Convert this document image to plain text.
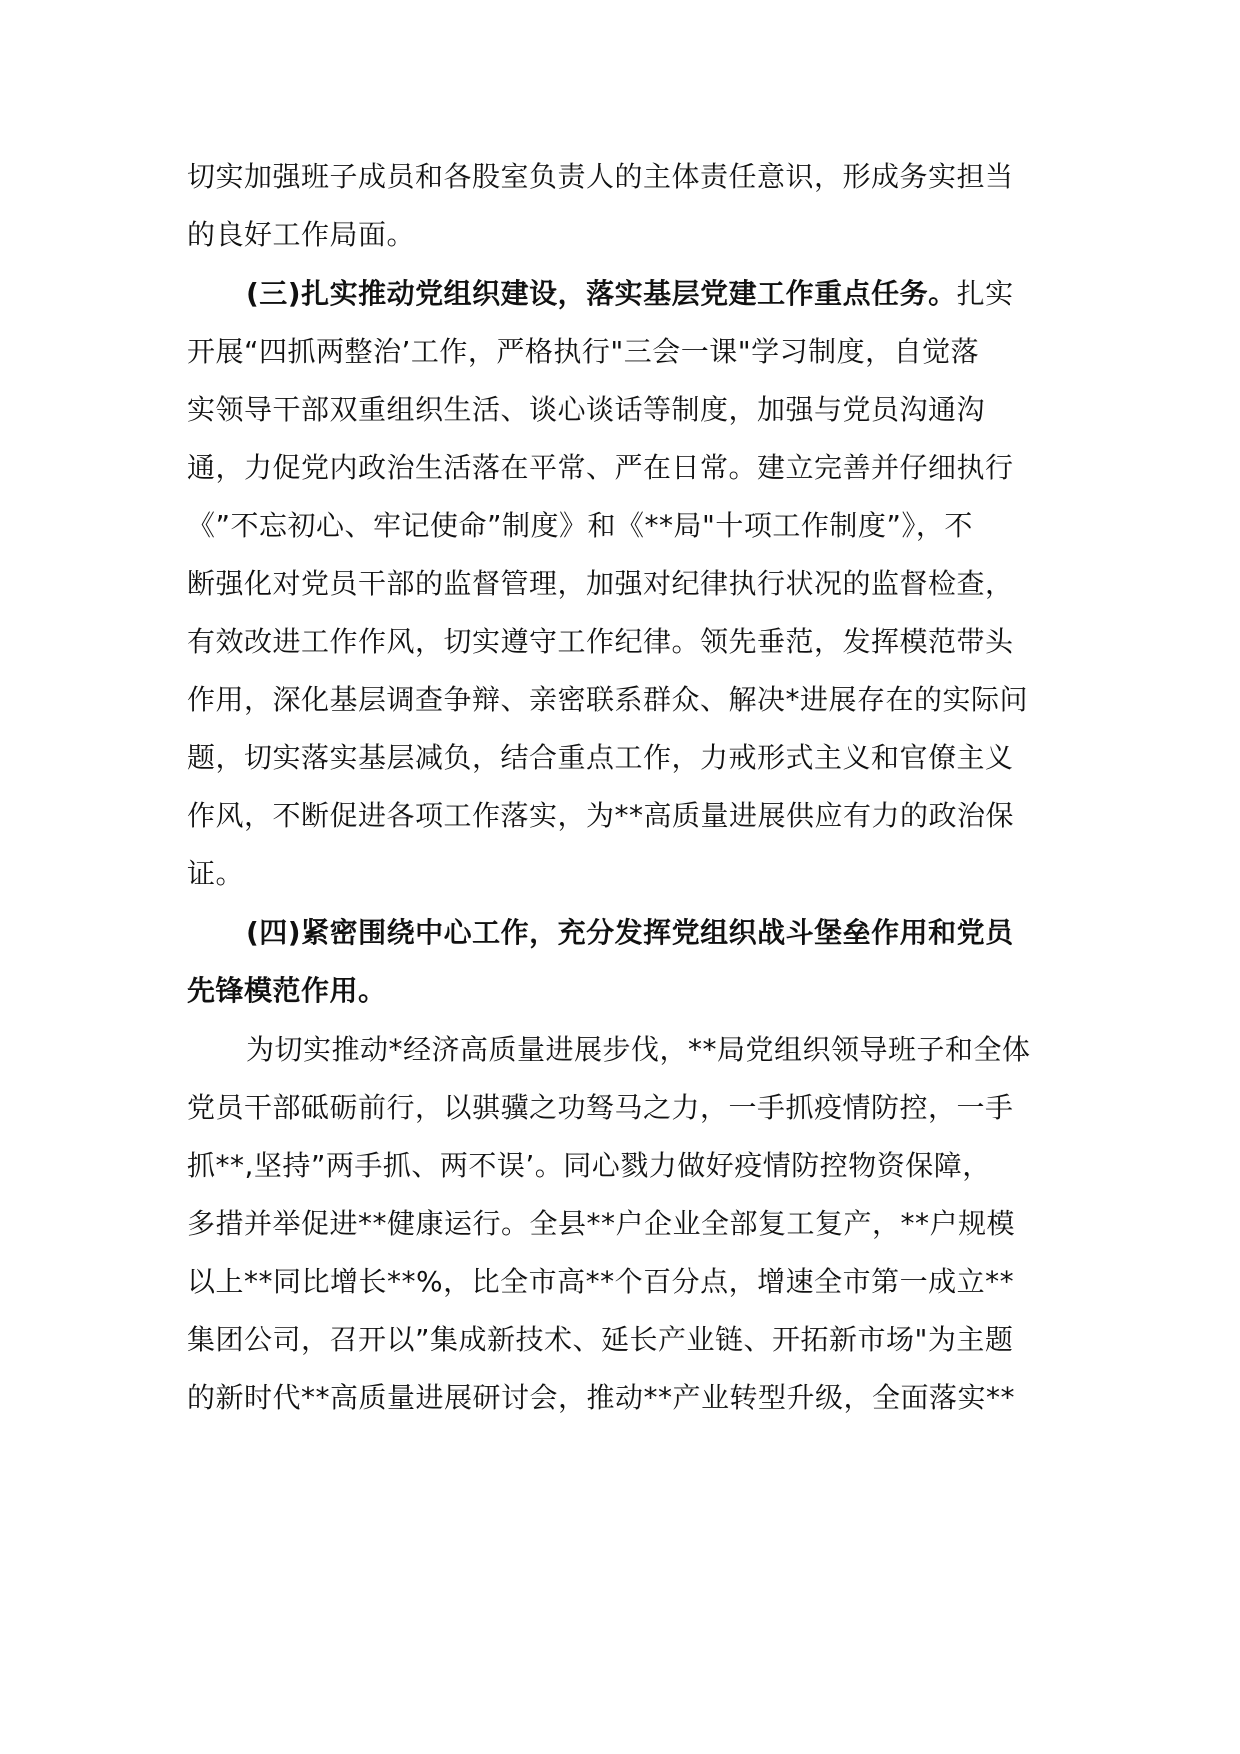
切实加强班子成员和各股室负责人的主体责任意识，形成务实担当
的良好工作局面。
(三)扎实推动党组织建设，落实基层党建工作重点任务。扎实
开展“四抓两整治’工作，严格执行"三会一课"学习制度，自觉落
实领导干部双重组织生活、谈心谈话等制度，加强与党员沟通沟
通，力促党内政治生活落在平常、严在日常。建立完善并仔细执行
《”不忘初心、牢记使命”制度》和《**局"十项工作制度”》，不
断强化对党员干部的监督管理，加强对纪律执行状况的监督检查，
有效改进工作作风，切实遵守工作纪律。领先垂范，发挥模范带头
作用，深化基层调查争辩、亲密联系群众、解决*进展存在的实际问
题，切实落实基层减负，结合重点工作，力戒形式主义和官僚主义
作风，不断促进各项工作落实，为**高质量进展供应有力的政治保
证。
(四)紧密围绕中心工作，充分发挥党组织战斗堡垒作用和党员
先锋模范作用。
为切实推动*经济高质量进展步伐，**局党组织领导班子和全体
党员干部砥砺前行，以骐骥之功驽马之力，一手抓疫情防控，一手
抓**,坚持”两手抓、两不误’。同心戮力做好疫情防控物资保障，
多措并举促进**健康运行。全县**户企业全部复工复产，**户规模
以上**同比增长**%，比全市高**个百分点，增速全市第一成立**
集团公司，召开以”集成新技术、延长产业链、开拓新市场"为主题
的新时代**高质量进展研讨会，推动**产业转型升级，全面落实**
